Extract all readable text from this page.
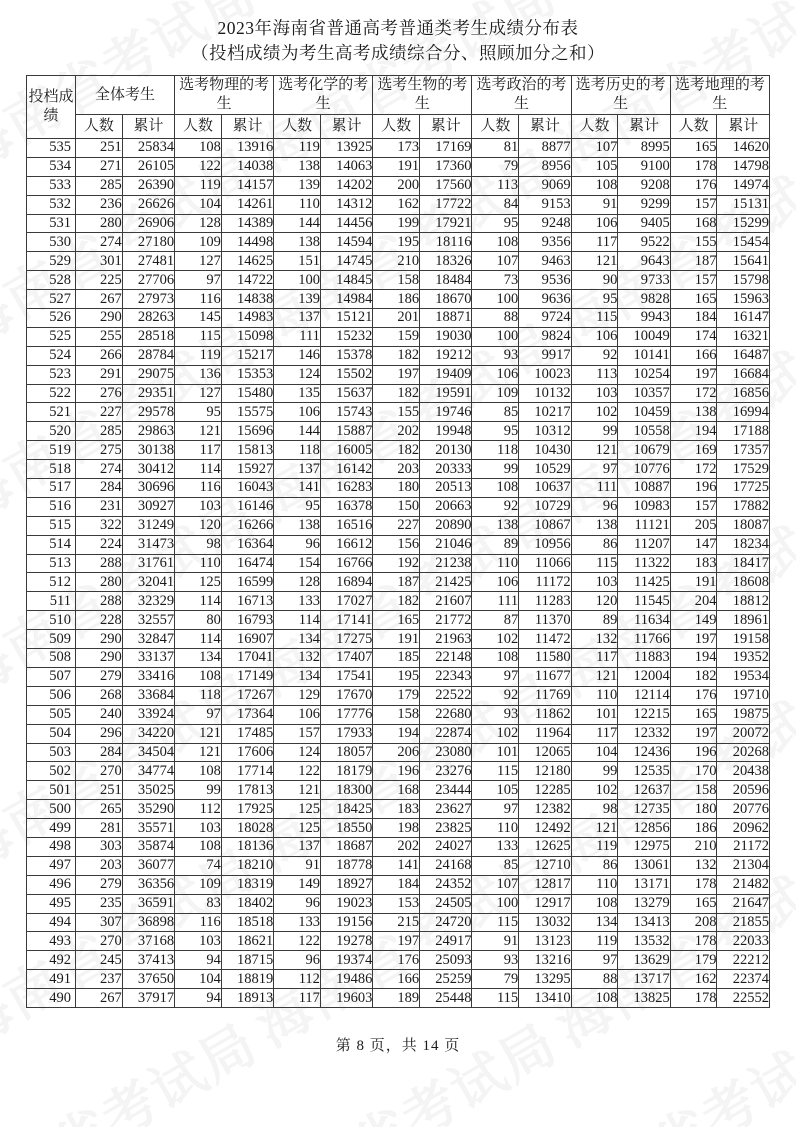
2023年海南省普通高考普通类考生成绩分布表
（投档成绩为考生高考成绩综合分、照顾加分之和）
投档成绩	全体考生		选考物理的考生		选考化学的考生		选考生物的考生		选考政治的考生		选考历史的考生		选考地理的考生	
	人数	累计	人数	累计	人数	累计	人数	累计	人数	累计	人数	累计	人数	累计
535	251	25834	108	13916	119	13925	173	17169	81	8877	107	8995	165	14620
534	271	26105	122	14038	138	14063	191	17360	79	8956	105	9100	178	14798
533	285	26390	119	14157	139	14202	200	17560	113	9069	108	9208	176	14974
532	236	26626	104	14261	110	14312	162	17722	84	9153	91	9299	157	15131
531	280	26906	128	14389	144	14456	199	17921	95	9248	106	9405	168	15299
530	274	27180	109	14498	138	14594	195	18116	108	9356	117	9522	155	15454
529	301	27481	127	14625	151	14745	210	18326	107	9463	121	9643	187	15641
528	225	27706	97	14722	100	14845	158	18484	73	9536	90	9733	157	15798
527	267	27973	116	14838	139	14984	186	18670	100	9636	95	9828	165	15963
526	290	28263	145	14983	137	15121	201	18871	88	9724	115	9943	184	16147
525	255	28518	115	15098	111	15232	159	19030	100	9824	106	10049	174	16321
524	266	28784	119	15217	146	15378	182	19212	93	9917	92	10141	166	16487
523	291	29075	136	15353	124	15502	197	19409	106	10023	113	10254	197	16684
522	276	29351	127	15480	135	15637	182	19591	109	10132	103	10357	172	16856
521	227	29578	95	15575	106	15743	155	19746	85	10217	102	10459	138	16994
520	285	29863	121	15696	144	15887	202	19948	95	10312	99	10558	194	17188
519	275	30138	117	15813	118	16005	182	20130	118	10430	121	10679	169	17357
518	274	30412	114	15927	137	16142	203	20333	99	10529	97	10776	172	17529
517	284	30696	116	16043	141	16283	180	20513	108	10637	111	10887	196	17725
516	231	30927	103	16146	95	16378	150	20663	92	10729	96	10983	157	17882
515	322	31249	120	16266	138	16516	227	20890	138	10867	138	11121	205	18087
514	224	31473	98	16364	96	16612	156	21046	89	10956	86	11207	147	18234
513	288	31761	110	16474	154	16766	192	21238	110	11066	115	11322	183	18417
512	280	32041	125	16599	128	16894	187	21425	106	11172	103	11425	191	18608
511	288	32329	114	16713	133	17027	182	21607	111	11283	120	11545	204	18812
510	228	32557	80	16793	114	17141	165	21772	87	11370	89	11634	149	18961
509	290	32847	114	16907	134	17275	191	21963	102	11472	132	11766	197	19158
508	290	33137	134	17041	132	17407	185	22148	108	11580	117	11883	194	19352
507	279	33416	108	17149	134	17541	195	22343	97	11677	121	12004	182	19534
506	268	33684	118	17267	129	17670	179	22522	92	11769	110	12114	176	19710
505	240	33924	97	17364	106	17776	158	22680	93	11862	101	12215	165	19875
504	296	34220	121	17485	157	17933	194	22874	102	11964	117	12332	197	20072
503	284	34504	121	17606	124	18057	206	23080	101	12065	104	12436	196	20268
502	270	34774	108	17714	122	18179	196	23276	115	12180	99	12535	170	20438
501	251	35025	99	17813	121	18300	168	23444	105	12285	102	12637	158	20596
500	265	35290	112	17925	125	18425	183	23627	97	12382	98	12735	180	20776
499	281	35571	103	18028	125	18550	198	23825	110	12492	121	12856	186	20962
498	303	35874	108	18136	137	18687	202	24027	133	12625	119	12975	210	21172
497	203	36077	74	18210	91	18778	141	24168	85	12710	86	13061	132	21304
496	279	36356	109	18319	149	18927	184	24352	107	12817	110	13171	178	21482
495	235	36591	83	18402	96	19023	153	24505	100	12917	108	13279	165	21647
494	307	36898	116	18518	133	19156	215	24720	115	13032	134	13413	208	21855
493	270	37168	103	18621	122	19278	197	24917	91	13123	119	13532	178	22033
492	245	37413	94	18715	96	19374	176	25093	93	13216	97	13629	179	22212
491	237	37650	104	18819	112	19486	166	25259	79	13295	88	13717	162	22374
490	267	37917	94	18913	117	19603	189	25448	115	13410	108	13825	178	22552
第 8 页，共 14 页
